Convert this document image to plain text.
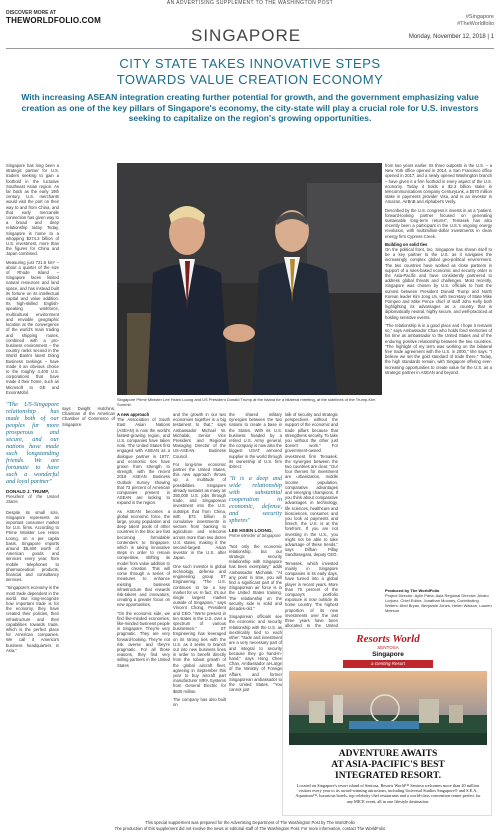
AN ADVERTISING SUPPLEMENT TO THE WASHINGTON POST
DISCOVER MORE AT
THEWORLDFOLIO.COM
SINGAPORE
#Singapore
#TheWorldfolio
Monday, November 12, 2018 | 1
CITY STATE TAKES INNOVATIVE STEPS
TOWARDS VALUE CREATION ECONOMY
With increasing ASEAN integration creating further potential for growth, and the government emphasizing value creation as one of the key pillars of Singapore's economy, the city-state will play a crucial role for U.S. investors seeking to capitalize on the region's growing opportunities.

Singapore has long been a strategic partner for U.S. traders seeking to gain a foothold in the lucrative Southeast Asian region. As far back as the early 19th century, U.S. merchants would visit the port on their way to and from China, and that early mercantile connection has given way to a broad and deep relationship today. Today, Singapore is home to a whopping $274.3 billion of U.S. investment, more than the figures for China and Japan combined.

Measuring just 721.5 km² – about a quarter of the size of Rhode Island – Singapore faces limited natural resources and land space, and has instead built its fortune on its intellectual capital and value addition. Its high-skilled English-speaking workforce, multicultural environment and enviable geographic location at the convergence of the world's main trading and shipping routes, combined with a pro-business environment – the country ranks second in the World Bank's latest Doing Business rankings – have made it an obvious choice to the roughly 4,400 U.S. corporations that have made it their home, such as Microsoft to GE and ExxonMobil.

"The US-Singapore relationship has made both of our peoples far more prosperous and secure, and our nations have made such longstanding friends. We are fortunate to have such a wonderful and loyal partner"
DONALD J. TRUMP,
President of the United States

Despite its small size, Singapore represents an important consumer market for U.S. firms. According to Prime Minister Lee Hsien Loong, on a per capita basis, Singapore imports around $5,400 worth of American goods and services every year, from mobile telephones to pharmaceutical products, financial and consultancy services.

"Singapore's economy is the most trade dependent in the world. But long-recognize how important trade is for the economy, they have created their policies, their infrastructure and their capabilities towards trade, which is the perfect place for American companies. We call it America's business headquarters in Asia,"

Singapore Prime Minister Lee Hsien Loong and US President Donald Trump at the Istana for a bilateral meeting, at the sidelines of the Trump-Kim Summit.

says Dwight Hutchins, Chairman of the American Chamber of Commerce of Singapore.

A new approach

The Association of South East Asian Nations (ASEAN) is now the world's fastest-growing region, and U.S. companies have taken note. The United States first engaged with ASEAN as a dialogue partner in 1977, and economic ties have grown from strength to strength, with the recent 2018 ASEAN Business Outlook Survey showing that 73 percent of American companies present in ASEAN are looking to expand in the region.

As ASEAN becomes a global economic force, the large, young population and deep talent pools of other countries in the bloc are fast becoming formidable contenders to Singapore, which is taking innovative steps in order to remain competitive, shifting its model from value addition to value creation. This will come through a series of measures to enhance existing business infrastructure that rewards risk-takers and innovators, creating a greater focus on new opportunities.

"On the economic side, we find like-minded economies, like-minded business people in Singapore. They're very pragmatic. They are very forward-looking. They're not risk averse and they're pragmatic. For all those reasons, they find very willing partners in the United States

and the growth in our two economies together is a big testament to that," says Ambassador Michael W. Michalak, Senior Vice President and Regional Managing Director of the US-ASEAN Business Council.

For long-time economic partner the United States, this new approach throws up a multitude of possibilities. Singapore already sustains as many as 250,000 U.S. jobs through trade, and Singaporean investment into the U.S. outstrips that from China, with $73 billion in cumulative investments in sectors from banking to agriculture and telecoms across more than two dozen U.S. states, making it the second-largest Asian investor in the U.S. after Japan.

One such investor is global technology, defense and engineering group ST Engineering. "The U.S. continues to be a key market for us. In fact, it's our single largest market outside of Singapore," says Vincent Chong, President and CEO. "We're present in ten states in the U.S. over a spectrum of various businesses." ST Engineering has leveraged on its strong ties with the U.S. as it seeks to branch out into new business lines in order to benefit directly from the robust growth of the global aircraft fleet, agreeing in September this year to buy aircraft part manufacturer MRA Systems from General Electric for $630 million.

The company has also built on

the shared military synergies between the two nations to create a base in the States. With its U.S. business headed by a retired U.S. Army general, the company is now also the biggest USAT armored supplier in the world through its ownership of U.S. firm iDirect.

"It is a deep and wide relationship with substantial cooperation in economic, defense, and security spheres"
LEE HSIEN LOONG,
Prime Minister of Singapore

"Not only the economic relationship, but our strategic security relationship with Singapore has been exemplary," adds Ambassador Michalak. "At any point in time, you will find a significant part of the Singaporean air force is in the United States training. The relationship on the security side is solid and decades-old."

Singaporean officials see the economic and security relationship with the U.S. as inextricably tied to each other: "trade and investment are a very necessary part of and integral to security because they go hand-in-hand," says Hong Chee Chan, Ambassador at-Large of the Ministry of Foreign Affairs and former Singaporean ambassador to the United States. "You cannot just

talk of security and strategic perspectives without the support of the economic and trade pillars because that strengthens security. To take you without the other just doesn't work." For government-owned investment firm Temasek, the synergies between the two countries are clear. "Our four themes for investment are urbanization, middle income population, comparative advantages and emerging champions. If you think about comparative advantages in technology, life sciences, healthcare and biosciences, consumer, and you look at payments and fintech, the U.S. is at the forefront. If you are not investing in the U.S., you might not be able to take advantage of these trends," says Dilhan Pillay Sandrasegara, deputy CEO.

Temasek, which invested mainly in Singapore companies in its early days, have turned into a global player in recent years. More than 70 percent of the company's portfolio exposure is now outside its home country. The highest proportion of its new investments over the last three years have been allocated to the United

from two years earlier. Its three outposts in the U.S. – a New York office opened in 2014, a San Francisco office opened in 2017, and a newly opened Washington branch – have given it a firm foothold in every aspect of the U.S. economy. Today it holds a $2.3 billion stake in telecommunications company CenturyLink, a $570 million stake in payments provider Visa, and is an investor in Amazon, AirBnB and Alphabet's Verily.

Described by the U.S. congress it invests in as a "patient, forward-looking partner focused on generating sustainable long-term returns", Temasek has also recently been a participant in the U.S.'s ongoing energy revolution, with multimillion-dollar investments in clean energy firm Cypress Creek.

Building on solid ties

On the political front, too, Singapore has shown itself to be a key partner to the U.S. as it navigates the increasingly complex global geo-political environment. The two countries have worked as close partners in support of a rules-based economic and security order in the Asia-Pacific and have consistently partnered to address global threats and challenges. Most recently, Singapore was chosen by U.S. officials to host the summit between President Donald Trump and North Korean leader Kim Jong Un, with Secretary of State Mike Pompeo and Mike Pence chief of staff John Kelly both highlighting its advantages as a country that is diplomatically neutral, highly secure, and well-practiced at holding sensitive events.

"The relationship is in a good place and I hope it remains so," says Ambassador Chan who holds fond memories of his time as ambassador to the United States and of the enduring positive relationship between the two countries. "The highlight of my term was working on the bilateral free trade agreement with the U.S. in 2000," she says. "I believe we set the gold standard of trade there." Today, the high standards remain, with Singapore offering ever-increasing opportunities to create value for the U.S. as a strategic partner in ASEAN and beyond.

Produced by The WorldFolio
Project Director: Aylin Parla, Asia Regional Director: Alvaro Lorjuez, Chief Editor: Jonathan Mooney, Contributing Writers: Abel Bryan, Benjamin Jones, Helen Watson, Lauren Meeson
Resorts World
SENTOSA
Singapore
a Genting Resort
ADVENTURE AWAITS
AT ASIA-PACIFIC'S BEST
INTEGRATED RESORT.
Located on Singapore's resort island of Sentosa, Resorts World™ Sentosa welcomes more than 20 million visitors every year to its award-winning attractions, including Universal Studios Singapore® and S.E.A. Aquarium™, luxurious hotels, top celebrity chef restaurants and a world-class convention center perfect for any MICE event, all in one lifestyle destination.
This special supplement was prepared for the Advertising Department of The Washington Post by The WorldFolio
The production of this supplement did not involve the news or editorial staff of The Washington Post. For more information, contact The WorldFolio
